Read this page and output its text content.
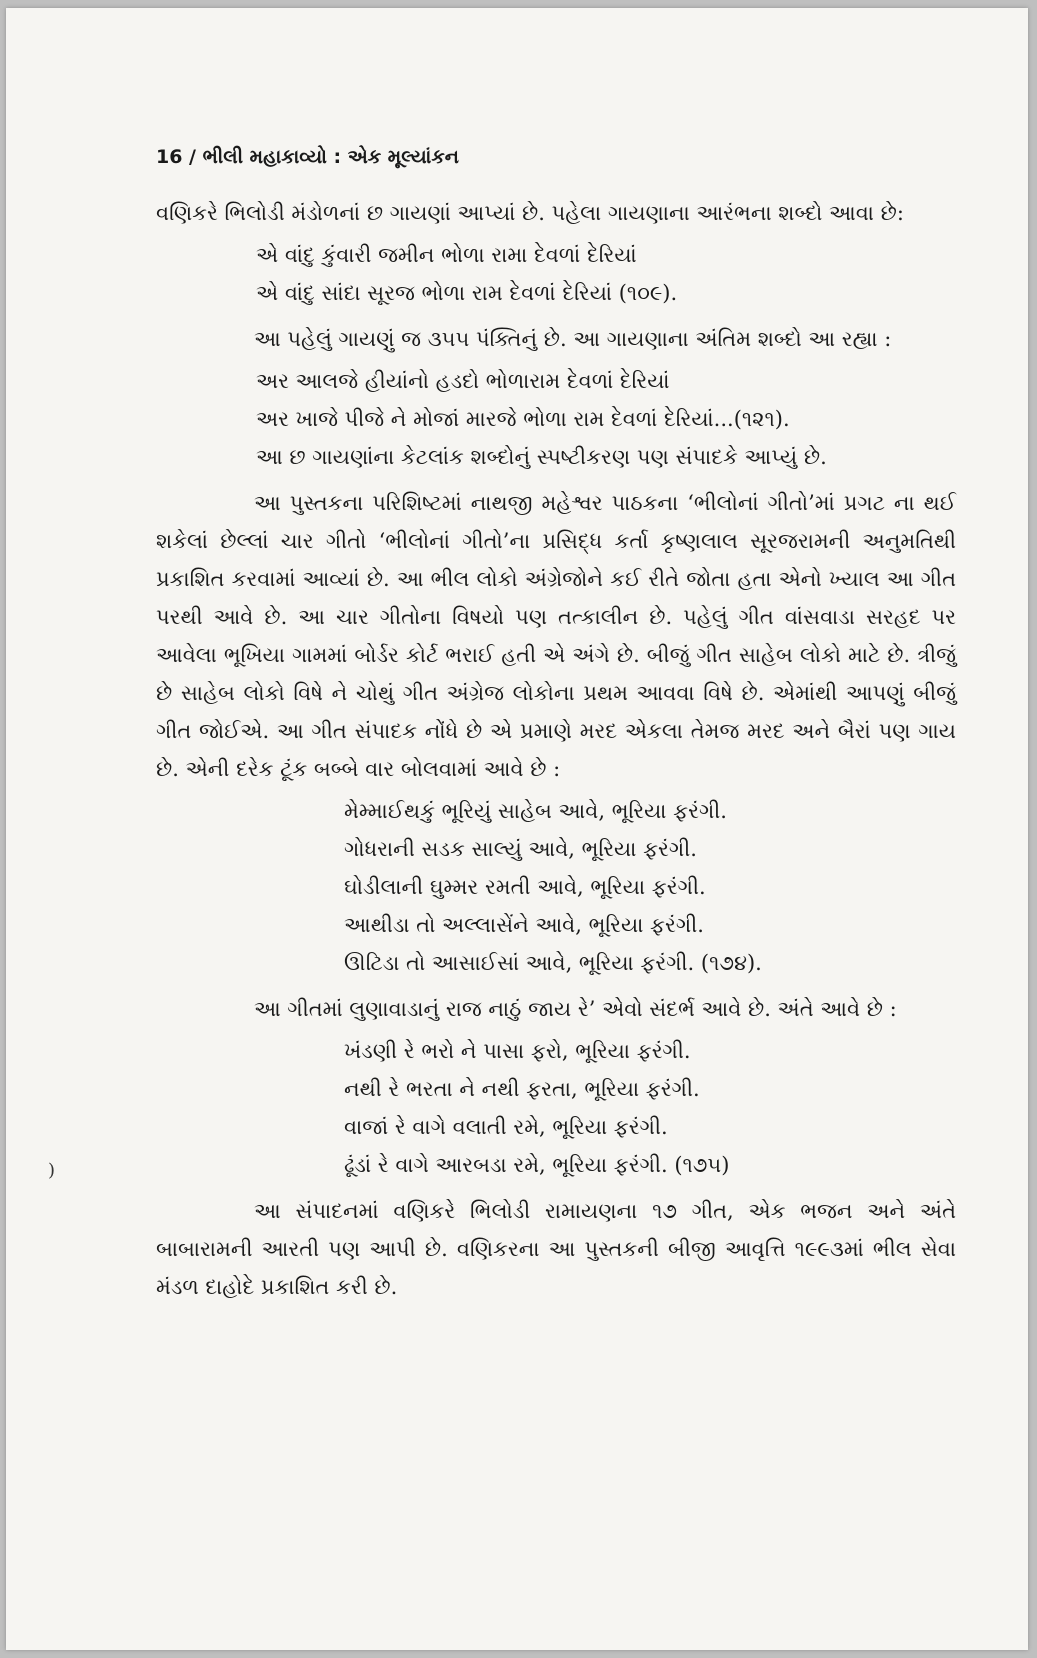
16 / ભીલી મહાકાવ્યો : એક મૂલ્યાંકન

વણિકરે ભિલોડી મંડોળનાં છ ગાયણાં આપ્યાં છે. પહેલા ગાયણાના આરંભના શબ્દો આવા છે:

એ વાંદુ કુંવારી જમીન ભોળા રામા દેવળાં દેરિયાં
એ વાંદુ સાંદા સૂરજ ભોળા રામ દેવળાં દેરિયાં (૧૦૯).

આ પહેલું ગાયણું જ ૩૫૫ પંક્તિનું છે. આ ગાયણાના અંતિમ શબ્દો આ રહ્યા :

અર આલજે હીયાંનો હડદો ભોળારામ દેવળાં દેરિયાં
અર ખાજે પીજે ને મોજાં મારજે ભોળા રામ દેવળાં દેરિયાં...(૧૨૧).
આ છ ગાયણાંના કેટલાંક શબ્દોનું સ્પષ્ટીકરણ પણ સંપાદકે આપ્યું છે.

આ પુસ્તકના પરિશિષ્ટમાં નાથજી મહેશ્વર પાઠકના ‘ભીલોનાં ગીતો’માં પ્રગટ ના થઈ શકેલાં છેલ્લાં ચાર ગીતો ‘ભીલોનાં ગીતો’ના પ્રસિદ્ધ કર્તા કૃષ્ણલાલ સૂરજરામની અનુમતિથી પ્રકાશિત કરવામાં આવ્યાં છે. આ ભીલ લોકો અંગ્રેજોને કઈ રીતે જોતા હતા એનો ખ્યાલ આ ગીત પરથી આવે છે. આ ચાર ગીતોના વિષયો પણ તત્કાલીન છે. પહેલું ગીત વાંસવાડા સરહદ પર આવેલા ભૂખિયા ગામમાં બોર્ડર કોર્ટ ભરાઈ હતી એ અંગે છે. બીજું ગીત સાહેબ લોકો માટે છે. ત્રીજું છે સાહેબ લોકો વિષે ને ચોથું ગીત અંગ્રેજ લોકોના પ્રથમ આવવા વિષે છે. એમાંથી આપણું બીજું ગીત જોઈએ. આ ગીત સંપાદક નોંધે છે એ પ્રમાણે મરદ એકલા તેમજ મરદ અને બૈરાં પણ ગાય છે. એની દરેક ટૂંક બબ્બે વાર બોલવામાં આવે છે :

મેમ્માઈથકું ભૂરિયું સાહેબ આવે, ભૂરિયા ફરંગી.
ગોધરાની સડક સાલ્યું આવે, ભૂરિયા ફરંગી.
ઘોડીલાની ઘુમ્મર રમતી આવે, ભૂરિયા ફરંગી.
આથીડા તો અલ્લાસેંને આવે, ભૂરિયા ફરંગી.
ઊટિડા તો આસાઈસાં આવે, ભૂરિયા ફરંગી. (૧૭૪).

આ ગીતમાં લુણાવાડાનું રાજ નાઠું જાય રે’ એવો સંદર્ભ આવે છે. અંતે આવે છે :

ખંડણી રે ભરો ને પાસા ફરો, ભૂરિયા ફરંગી.
નથી રે ભરતા ને નથી ફરતા, ભૂરિયા ફરંગી.
વાજાં રે વાગે વલાતી રમે, ભૂરિયા ફરંગી.
ઢૂંડાં રે વાગે આરબડા રમે, ભૂરિયા ફરંગી. (૧૭૫)

આ સંપાદનમાં વણિકરે ભિલોડી રામાયણના ૧૭ ગીત, એક ભજન અને અંતે બાબારામની આરતી પણ આપી છે. વણિકરના આ પુસ્તકની બીજી આવૃત્તિ ૧૯૯૩માં ભીલ સેવા મંડળ દાહોદે પ્રકાશિત કરી છે.

)
